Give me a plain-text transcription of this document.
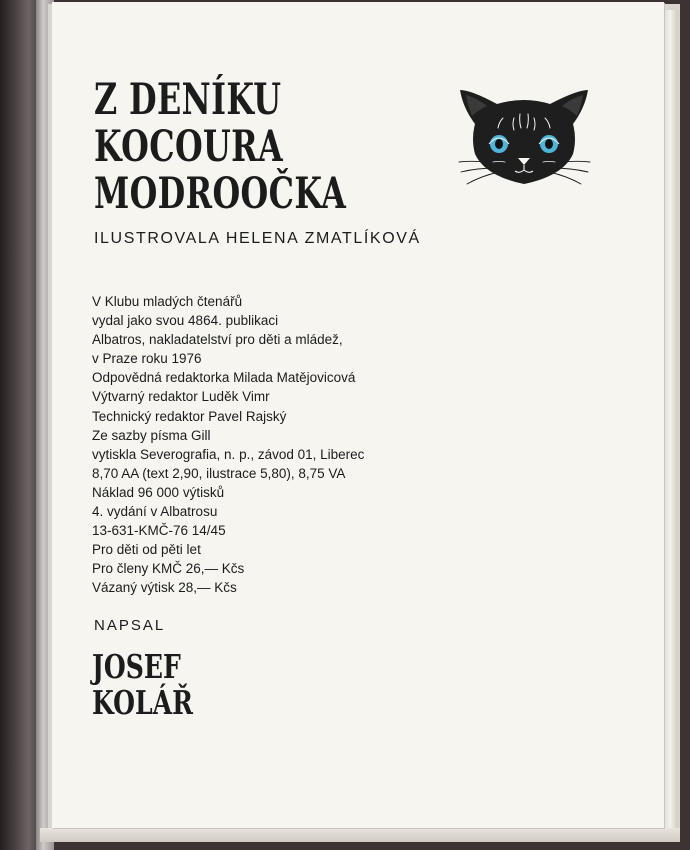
Z DENÍKU
KOCOURA
MODROOČKA
ILUSTROVALA HELENA ZMATLÍKOVÁ
V Klubu mladých čtenářů
vydal jako svou 4864. publikaci
Albatros, nakladatelství pro děti a mládež,
v Praze roku 1976
Odpovědná redaktorka Milada Matějovicová
Výtvarný redaktor Luděk Vimr
Technický redaktor Pavel Rajský
Ze sazby písma Gill
vytiskla Severografia, n. p., závod 01, Liberec
8,70 AA (text 2,90, ilustrace 5,80), 8,75 VA
Náklad 96 000 výtisků
4. vydání v Albatrosu
13-631-KMČ-76 14/45
Pro děti od pěti let
Pro členy KMČ 26,— Kčs
Vázaný výtisk 28,— Kčs
NAPSAL
JOSEF
KOLÁŘ
